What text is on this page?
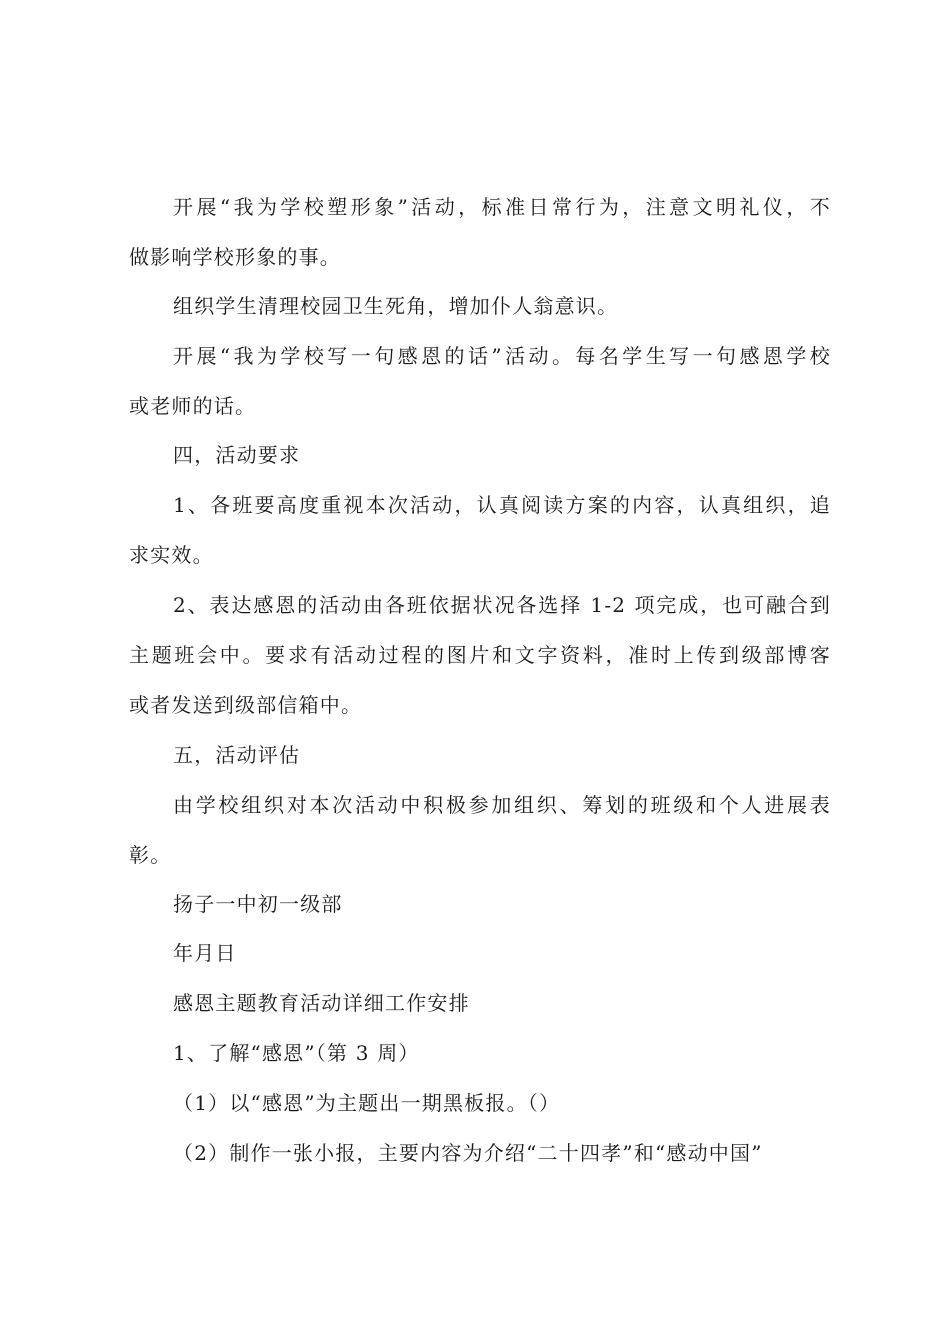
开展“我为学校塑形象”活动，标准日常行为，注意文明礼仪，不
做影响学校形象的事。
组织学生清理校园卫生死角，增加仆人翁意识。
开展“我为学校写一句感恩的话”活动。每名学生写一句感恩学校
或老师的话。
四，活动要求
1、各班要高度重视本次活动，认真阅读方案的内容，认真组织，追
求实效。
2、表达感恩的活动由各班依据状况各选择 1-2 项完成，也可融合到
主题班会中。要求有活动过程的图片和文字资料，准时上传到级部博客
或者发送到级部信箱中。
五，活动评估
由学校组织对本次活动中积极参加组织、筹划的班级和个人进展表
彰。
扬子一中初一级部
年月日
感恩主题教育活动详细工作安排
1、了解“感恩”（第 3 周）
（1）以“感恩”为主题出一期黑板报。（）
（2）制作一张小报，主要内容为介绍“二十四孝”和“感动中国”
